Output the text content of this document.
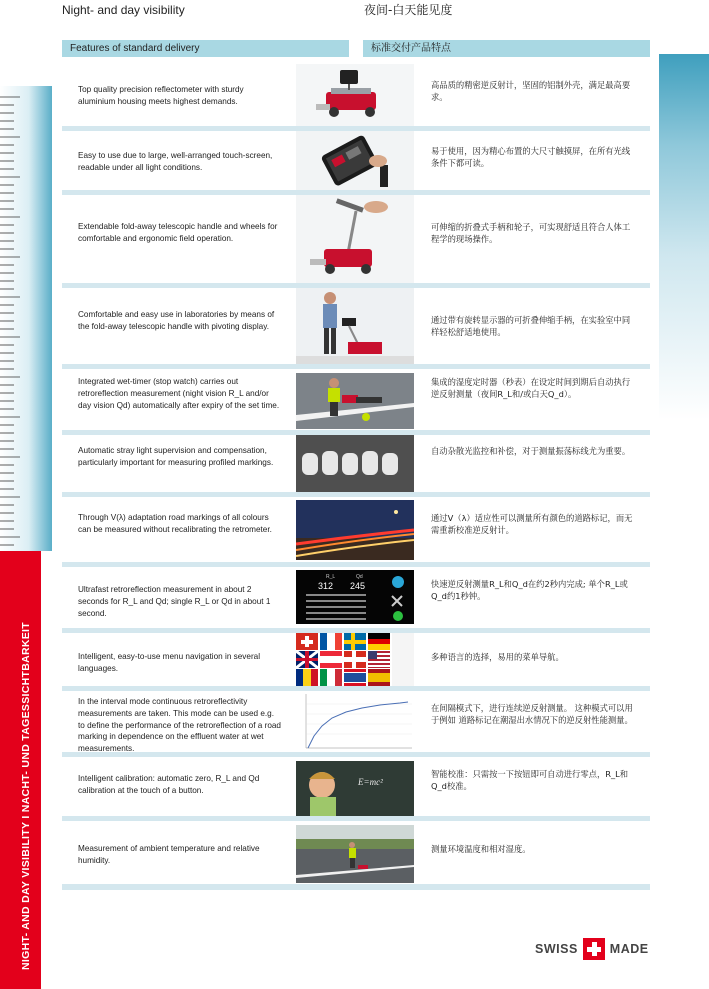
Night- and day visibility	夜间-白天能见度
Features of standard delivery	标准交付产品特点
NIGHT- AND DAY VISIBILITY I NACHT- UND TAGESSICHTBARKEIT
Top quality precision reflectometer with sturdy aluminium housing meets highest demands.
高品质的精密逆反射计，坚固的铝制外壳，满足最高要求。
Easy to use due to large, well-arranged touch-screen, readable under all light conditions.
易于使用，因为精心布置的大尺寸触摸屏，在所有光线条件下都可读。
Extendable fold-away telescopic handle and wheels for comfortable and ergonomic field operation.
可伸缩的折叠式手柄和轮子，可实现舒适且符合人体工程学的现场操作。
Comfortable and easy use in laboratories by means of the fold-away telescopic handle with pivoting display.
通过带有旋转显示器的可折叠伸缩手柄，在实验室中同样轻松舒适地使用。
Integrated wet-timer (stop watch) carries out retroreflection measurement (night vision R_L and/or day vision Qd) automatically after expiry of the set time.
集成的湿度定时器（秒表）在设定时间到期后自动执行逆反射测量（夜间R_L和/或白天Q_d）。
Automatic stray light supervision and compensation, particularly important for measuring profiled markings.
自动杂散光监控和补偿，对于测量振荡标线尤为重要。
Through V(λ) adaptation road markings of all colours can be measured without recalibrating the retrometer.
通过V（λ）适应性可以测量所有颜色的道路标记，而无需重新校准逆反射计。
Ultrafast retroreflection measurement in about 2 seconds for R_L and Qd; single R_L or Qd in about 1 second.
R_L	Qd
312 245	快速逆反射测量R_L和Q_d在约2秒内完成; 单个R_L或Q_d约1秒钟。
Intelligent, easy-to-use menu navigation in several languages.
多种语言的选择，易用的菜单导航。
In the interval mode continuous retroreflectivity measurements are taken. This mode can be used e.g. to define the performance of the retroreflection of a road marking in dependence on the effluent water at wet measurements.
在间隔模式下，进行连续逆反射测量。 这种模式可以用于例如 道路标记在潮湿出水情况下的逆反射性能测量。
Intelligent calibration: automatic zero, R_L and Qd calibration at the touch of a button.
E=mc²
智能校准：只需按一下按钮即可自动进行零点，R_L和Q_d校准。
Measurement of ambient temperature and relative humidity.
测量环境温度和相对湿度。
SWISS	MADE
